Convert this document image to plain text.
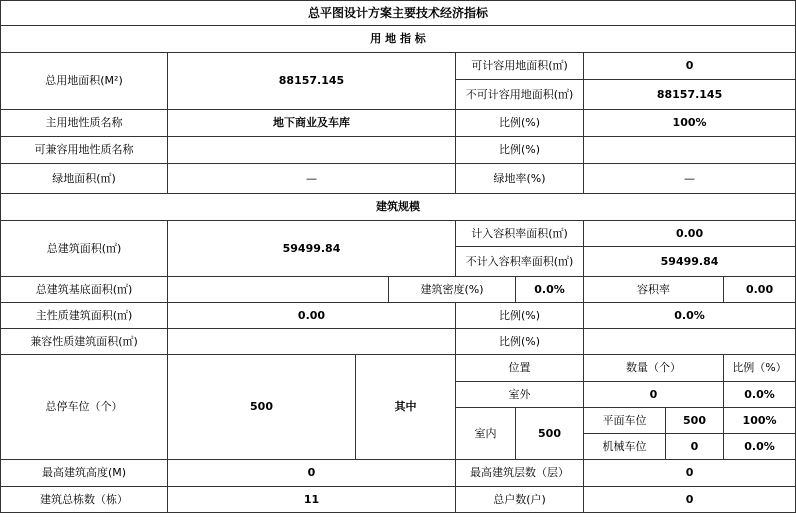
总平图设计方案主要技术经济指标								
用 地 指 标								
总用地面积(M²)	88157.145			可计容用地面积(㎡)		0		
				不可计容用地面积(㎡)		88157.145		
主用地性质名称	地下商业及车库			比例(%)		100%		
可兼容用地性质名称				比例(%)				
绿地面积(㎡)	—			绿地率(%)		—		
建筑规模								
总建筑面积(㎡)	59499.84			计入容积率面积(㎡)		0.00		
				不计入容积率面积(㎡)		59499.84		
总建筑基底面积(㎡)			建筑密度(%)		0.0%	容积率		0.00
主性质建筑面积(㎡)	0.00			比例(%)		0.0%		
兼容性质建筑面积(㎡)				比例(%)				
总停车位（个）	500	其中		位置		数量（个）		比例（%）
				室外		0		0.0%
				室内	500	平面车位	500	100%
						机械车位	0	0.0%
最高建筑高度(M)	0			最高建筑层数（层）		0		
建筑总栋数（栋）	11			总户数(户)		0		
